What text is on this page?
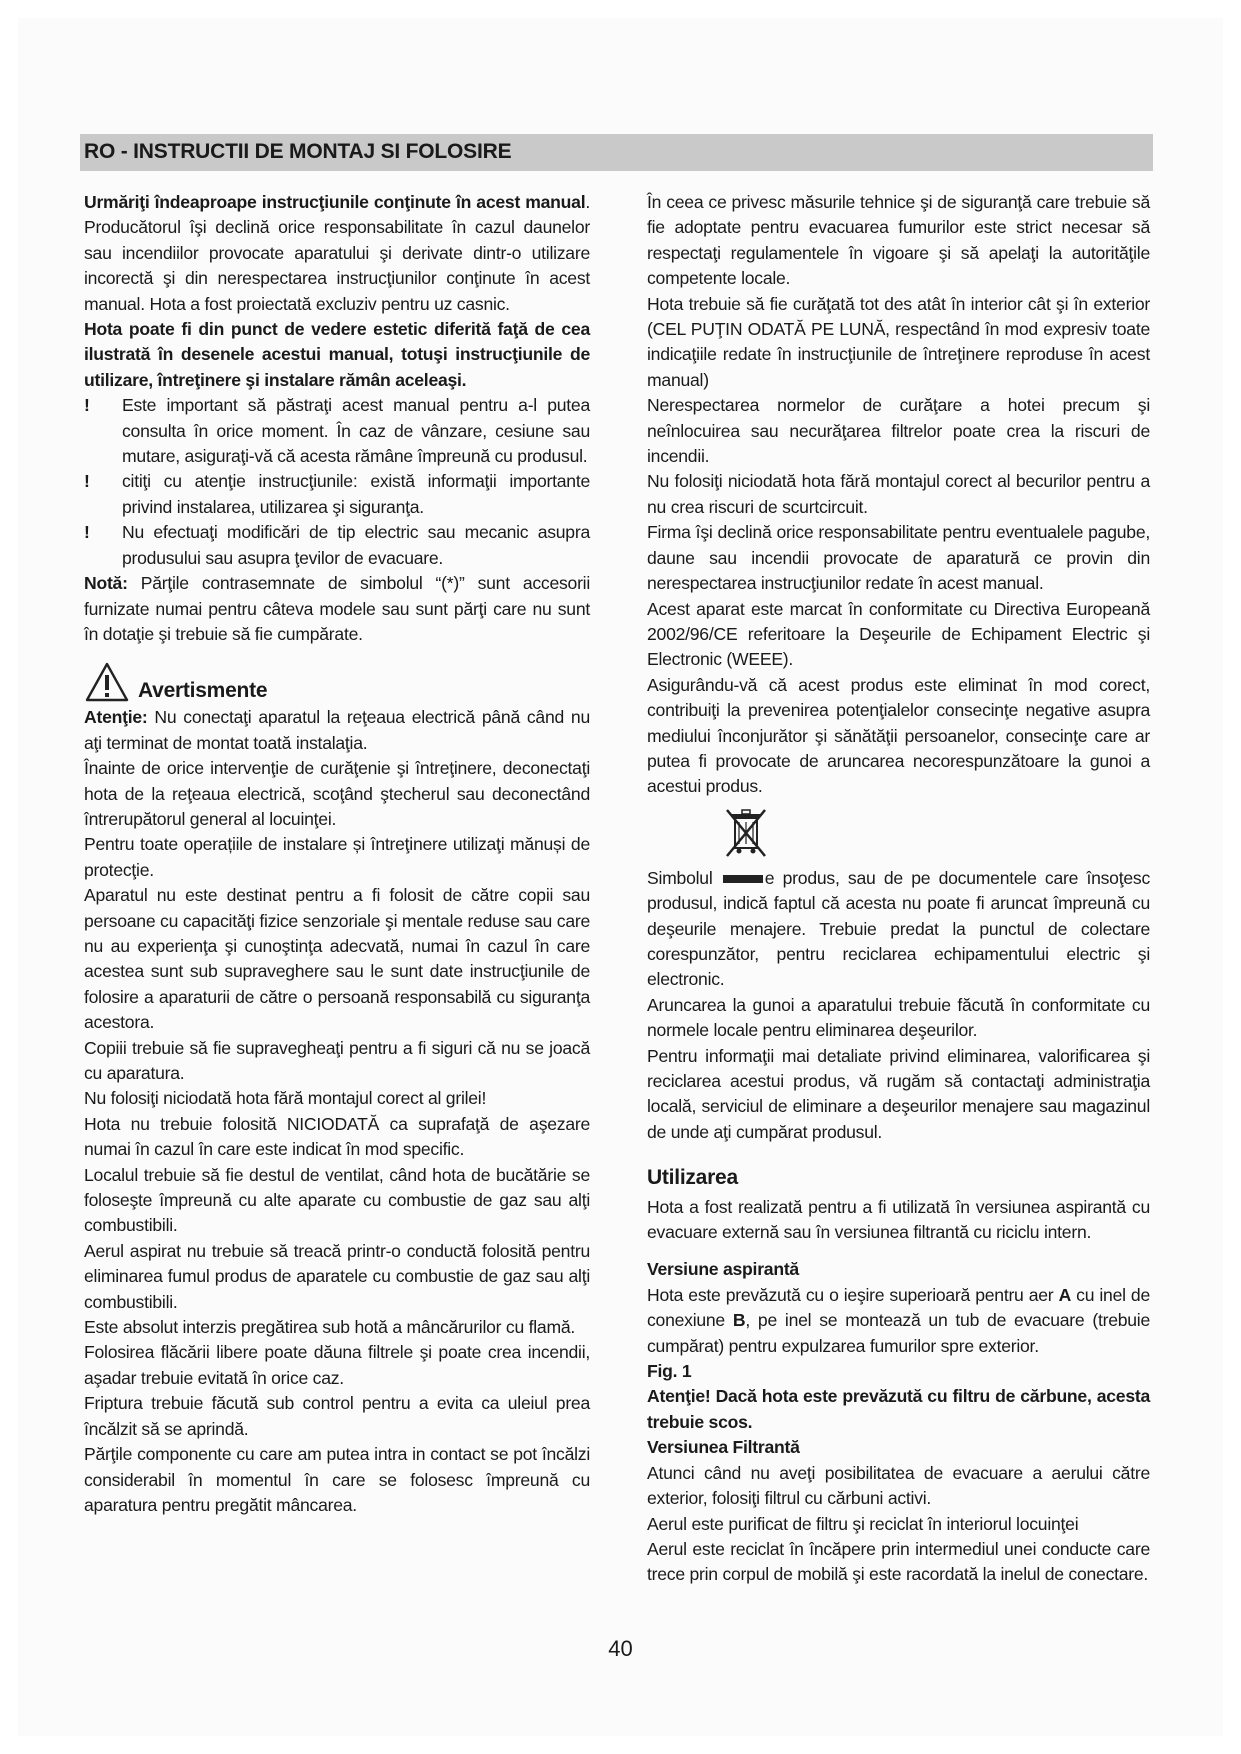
RO - INSTRUCTII DE MONTAJ SI FOLOSIRE

Urmăriţi îndeaproape instrucţiunile conţinute în acest manual. Producătorul îşi declină orice responsabilitate în cazul daunelor sau incendiilor provocate aparatului şi derivate dintr-o utilizare incorectă şi din nerespectarea instrucţiunilor conţinute în acest manual. Hota a fost proiectată excluziv pentru uz casnic.

Hota poate fi din punct de vedere estetic diferită faţă de cea ilustrată în desenele acestui manual, totuşi instrucţiunile de utilizare, întreţinere şi instalare rămân aceleaşi.

!	Este important să păstraţi acest manual pentru a-l putea consulta în orice moment. În caz de vânzare, cesiune sau mutare, asiguraţi-vă că acesta rămâne împreună cu produsul.
!	citiţi cu atenţie instrucţiunile: există informaţii importante privind instalarea, utilizarea şi siguranţa.
!	Nu efectuaţi modificări de tip electric sau mecanic asupra produsului sau asupra ţevilor de evacuare.

Notă: Părţile contrasemnate de simbolul “(*)” sunt accesorii furnizate numai pentru câteva modele sau sunt părţi care nu sunt în dotaţie şi trebuie să fie cumpărate.

Avertismente

Atenţie: Nu conectaţi aparatul la reţeaua electrică până când nu aţi terminat de montat toată instalaţia.

Înainte de orice intervenţie de curăţenie şi întreţinere, deconectaţi hota de la reţeaua electrică, scoţând ştecherul sau deconectând întrerupătorul general al locuinţei.

Pentru toate operațiile de instalare și întreţinere utilizaţi mănuși de protecţie.

Aparatul nu este destinat pentru a fi folosit de către copii sau persoane cu capacităţi fizice senzoriale şi mentale reduse sau care nu au experienţa şi cunoştinţa adecvată, numai în cazul în care acestea sunt sub supraveghere sau le sunt date instrucţiunile de folosire a aparaturii de către o persoană responsabilă cu siguranţa acestora.

Copiii trebuie să fie supravegheaţi pentru a fi siguri că nu se joacă cu aparatura.

Nu folosiţi niciodată hota fără montajul corect al grilei!

Hota nu trebuie folosită NICIODATĂ ca suprafaţă de aşezare numai în cazul în care este indicat în mod specific.

Localul trebuie să fie destul de ventilat, când hota de bucătărie se foloseşte împreună cu alte aparate cu combustie de gaz sau alţi combustibili.

Aerul aspirat nu trebuie să treacă printr-o conductă folosită pentru eliminarea fumul produs de aparatele cu combustie de gaz sau alţi combustibili.

Este absolut interzis pregătirea sub hotă a mâncărurilor cu flamă.

Folosirea flăcării libere poate dăuna filtrele şi poate crea incendii, aşadar trebuie evitată în orice caz.

Friptura trebuie făcută sub control pentru a evita ca uleiul prea încălzit să se aprindă.

Părţile componente cu care am putea intra in contact se pot încălzi considerabil în momentul în care se folosesc împreună cu aparatura pentru pregătit mâncarea.

În ceea ce privesc măsurile tehnice şi de siguranţă care trebuie să fie adoptate pentru evacuarea fumurilor este strict necesar să respectaţi regulamentele în vigoare şi să apelaţi la autorităţile competente locale.

Hota trebuie să fie curăţată tot des atât în interior cât şi în exterior (CEL PUŢIN ODATĂ PE LUNĂ, respectând în mod expresiv toate indicaţiile redate în instrucţiunile de întreţinere reproduse în acest manual)

Nerespectarea normelor de curăţare a hotei precum şi neînlocuirea sau necurăţarea filtrelor poate crea la riscuri de incendii.

Nu folosiţi niciodată hota fără montajul corect al becurilor pentru a nu crea riscuri de scurtcircuit.

Firma îşi declină orice responsabilitate pentru eventualele pagube, daune sau incendii provocate de aparatură ce provin din nerespectarea instrucţiunilor redate în acest manual.

Acest aparat este marcat în conformitate cu Directiva Europeană 2002/96/CE referitoare la Deşeurile de Echipament Electric şi Electronic (WEEE).

Asigurându-vă că acest produs este eliminat în mod corect, contribuiţi la prevenirea potenţialelor consecinţe negative asupra mediului înconjurător şi sănătăţii persoanelor, consecinţe care ar putea fi provocate de aruncarea necorespunzătoare la gunoi a acestui produs.

Simbolul	e produs, sau de pe documentele care însoţesc produsul, indică faptul că acesta nu poate fi aruncat împreună cu deşeurile menajere. Trebuie predat la punctul de colectare corespunzător, pentru reciclarea echipamentului electric şi electronic.

Aruncarea la gunoi a aparatului trebuie făcută în conformitate cu normele locale pentru eliminarea deşeurilor.

Pentru informaţii mai detaliate privind eliminarea, valorificarea şi reciclarea acestui produs, vă rugăm să contactaţi administraţia locală, serviciul de eliminare a deşeurilor menajere sau magazinul de unde aţi cumpărat produsul.

Utilizarea

Hota a fost realizată pentru a fi utilizată în versiunea aspirantă cu evacuare externă sau în versiunea filtrantă cu riciclu intern.

Versiune aspirantă

Hota este prevăzută cu o ieşire superioară pentru aer A cu inel de conexiune B, pe inel se montează un tub de evacuare (trebuie cumpărat) pentru expulzarea fumurilor spre exterior.

Fig. 1

Atenţie! Dacă hota este prevăzută cu filtru de cărbune, acesta trebuie scos.

Versiunea Filtrantă

Atunci când nu aveţi posibilitatea de evacuare a aerului către exterior, folosiţi filtrul cu cărbuni activi.

Aerul este purificat de filtru şi reciclat în interiorul locuinţei

Aerul este reciclat în încăpere prin intermediul unei conducte care trece prin corpul de mobilă şi este racordată la inelul de conectare.

40
